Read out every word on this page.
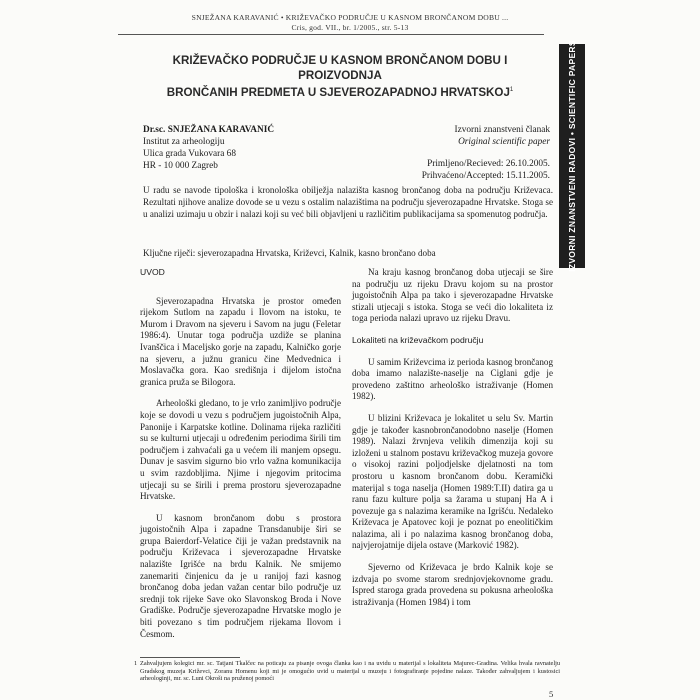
SNJEŽANA KARAVANIĆ • KRIŽEVAČKO PODRUČJE U KASNOM BRONČANOM DOBU ...
Cris, god. VII., br. 1/2005., str. 5-13
IZVORNI ZNANSTVENI RADOVI • SCIENTIFIC PAPERS
KRIŽEVAČKO PODRUČJE U KASNOM BRONČANOM DOBU I PROIZVODNJA
BRONČANIH PREDMETA U SJEVEROZAPADNOJ HRVATSKOJ$^1$
Dr.sc. SNJEŽANA KARAVANIĆ
Institut za arheologiju
Ulica grada Vukovara 68
HR - 10 000 Zagreb
Izvorni znanstveni članak
Original scientific paper
Primljeno/Recieved: 26.10.2005.
Prihvaćeno/Accepted: 15.11.2005.
U radu se navode tipološka i kronološka obilježja nalazišta kasnog brončanog doba na području Križevaca. Rezultati njihove analize dovode se u vezu s ostalim nalazištima na području sjeverozapadne Hrvatske. Stoga se u analizi uzimaju u obzir i nalazi koji su već bili objavljeni u različitim publikacijama sa spomenutog područja.
Ključne riječi: sjeverozapadna Hrvatska, Križevci, Kalnik, kasno brončano doba
UVOD

Sjeverozapadna Hrvatska je prostor omeđen rijekom Sutlom na zapadu i Ilovom na istoku, te Murom i Dravom na sjeveru i Savom na jugu (Feletar 1986:4). Unutar toga područja uzdiže se planina Ivanščica i Maceljsko gorje na zapadu, Kalničko gorje na sjeveru, a južnu granicu čine Medvednica i Moslavačka gora. Kao središnja i dijelom istočna granica pruža se Bilogora.

Arheološki gledano, to je vrlo zanimljivo područje koje se dovodi u vezu s područjem jugoistočnih Alpa, Panonije i Karpatske kotline. Dolinama rijeka različiti su se kulturni utjecaji u određenim periodima širili tim područjem i zahvaćali ga u većem ili manjem opsegu. Dunav je sasvim sigurno bio vrlo važna komunikacija u svim razdobljima. Njime i njegovim pritocima utjecaji su se širili i prema prostoru sjeverozapadne Hrvatske.

U kasnom brončanom dobu s prostora jugoistočnih Alpa i zapadne Transdanubije širi se grupa Baierdorf-Velatice čiji je važan predstavnik na području Križevaca i sjeverozapadne Hrvatske nalazište Igrišće na brdu Kalnik. Ne smijemo zanemariti činjenicu da je u ranijoj fazi kasnog brončanog doba jedan važan centar bilo područje uz srednji tok rijeke Save oko Slavonskog Broda i Nove Gradiške. Područje sjeverozapadne Hrvatske moglo je biti povezano s tim područjem rijekama Ilovom i Česmom.

Na kraju kasnog brončanog doba utjecaji se šire na području uz rijeku Dravu kojom su na prostor jugoistočnih Alpa pa tako i sjeverozapadne Hrvatske stizali utjecaji s istoka. Stoga se veći dio lokaliteta iz toga perioda nalazi upravo uz rijeku Dravu.

Lokaliteti na križevačkom području

U samim Križevcima iz perioda kasnog brončanog doba imamo nalazište-naselje na Ciglani gdje je provedeno zaštitno arheološko istraživanje (Homen 1982).

U blizini Križevaca je lokalitet u selu Sv. Martin gdje je također kasnobrončanodobno naselje (Homen 1989). Nalazi žrvnjeva velikih dimenzija koji su izloženi u stalnom postavu križevačkog muzeja govore o visokoj razini poljodjelske djelatnosti na tom prostoru u kasnom brončanom dobu. Keramički materijal s toga naselja (Homen 1989:T.II) datira ga u ranu fazu kulture polja sa žarama u stupanj Ha A i povezuje ga s nalazima keramike na Igrišću. Nedaleko Križevaca je Apatovec koji je poznat po eneolitičkim nalazima, ali i po nalazima kasnog brončanog doba, najvjerojatnije dijela ostave (Marković 1982).

Sjeverno od Križevaca je brdo Kalnik koje se izdvaja po svome starom srednjovjekovnome gradu. Ispred staroga grada provedena su pokusna arheološka istraživanja (Homen 1984) i tom

1 Zahvaljujem kolegici mr. sc. Tatjani Tkalčec na poticaju za pisanje ovoga članka kao i na uvidu u materijal s lokaliteta Majurec-Gradina. Velika hvala ravnatelju Gradskog muzeja Križevci, Zoranu Homenu koji mi je omogućio uvid u materijal u muzeju i fotografiranje pojedine nalaze. Također zahvaljujem i kustosici arheologinji, mr. sc. Luni Okroši na pruženoj pomoći
5
